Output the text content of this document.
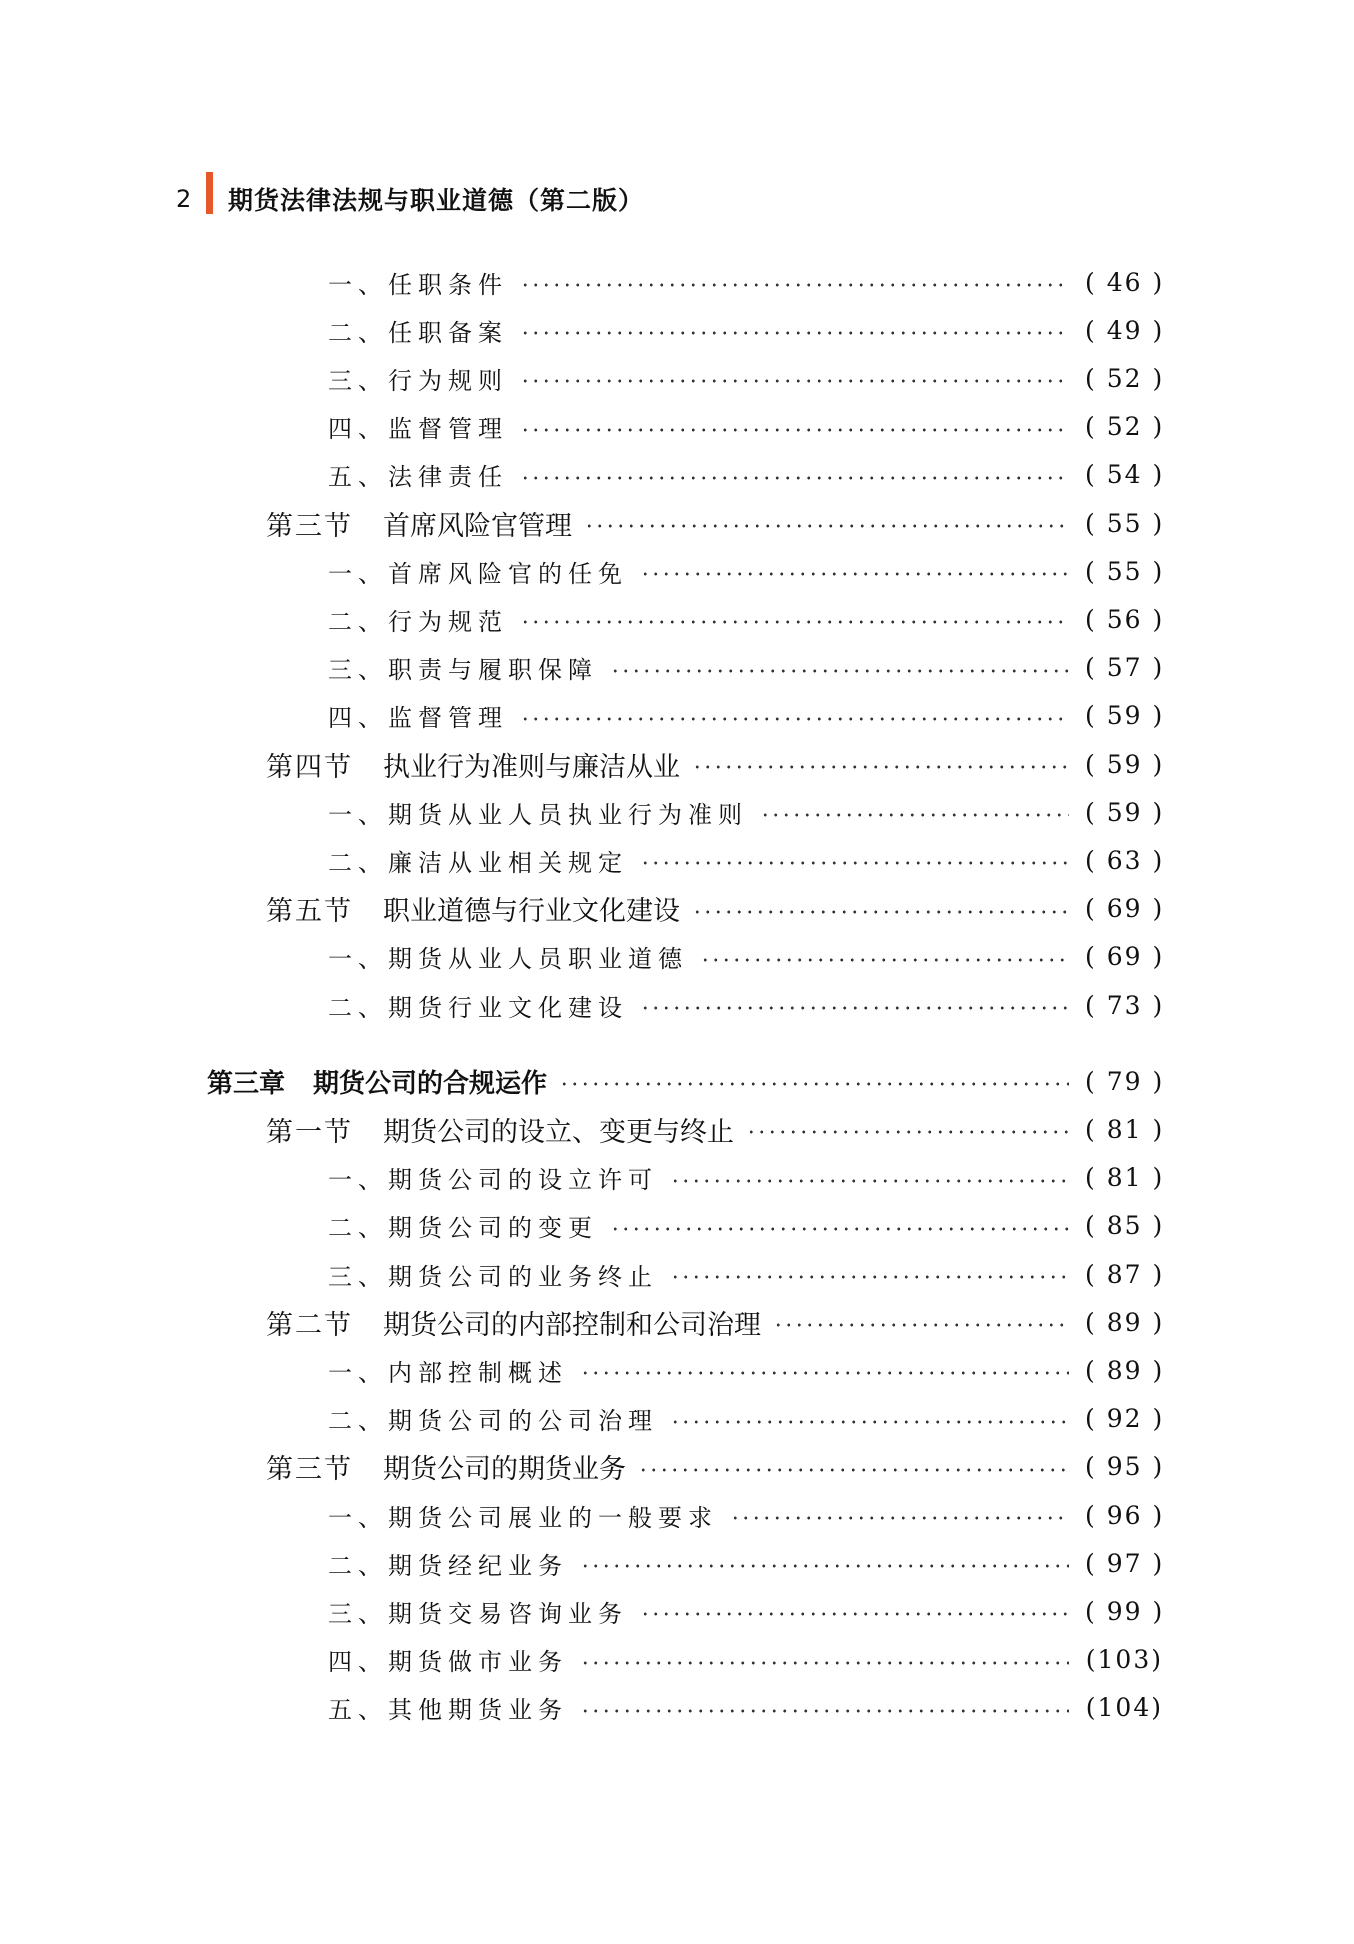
2	期货法律法规与职业道德（第二版）
一、 任职条件	( 46 )
二、 任职备案	( 49 )
三、 行为规则	( 52 )
四、 监督管理	( 52 )
五、 法律责任	( 54 )
第三节 首席风险官管理	( 55 )
一、 首席风险官的任免	( 55 )
二、 行为规范	( 56 )
三、 职责与履职保障	( 57 )
四、 监督管理	( 59 )
第四节 执业行为准则与廉洁从业	( 59 )
一、 期货从业人员执业行为准则	( 59 )
二、 廉洁从业相关规定	( 63 )
第五节 职业道德与行业文化建设	( 69 )
一、 期货从业人员职业道德	( 69 )
二、 期货行业文化建设	( 73 )
第三章 期货公司的合规运作	( 79 )
第一节 期货公司的设立、变更与终止	( 81 )
一、 期货公司的设立许可	( 81 )
二、 期货公司的变更	( 85 )
三、 期货公司的业务终止	( 87 )
第二节 期货公司的内部控制和公司治理	( 89 )
一、 内部控制概述	( 89 )
二、 期货公司的公司治理	( 92 )
第三节 期货公司的期货业务	( 95 )
一、 期货公司展业的一般要求	( 96 )
二、 期货经纪业务	( 97 )
三、 期货交易咨询业务	( 99 )
四、 期货做市业务	(103)
五、 其他期货业务	(104)
